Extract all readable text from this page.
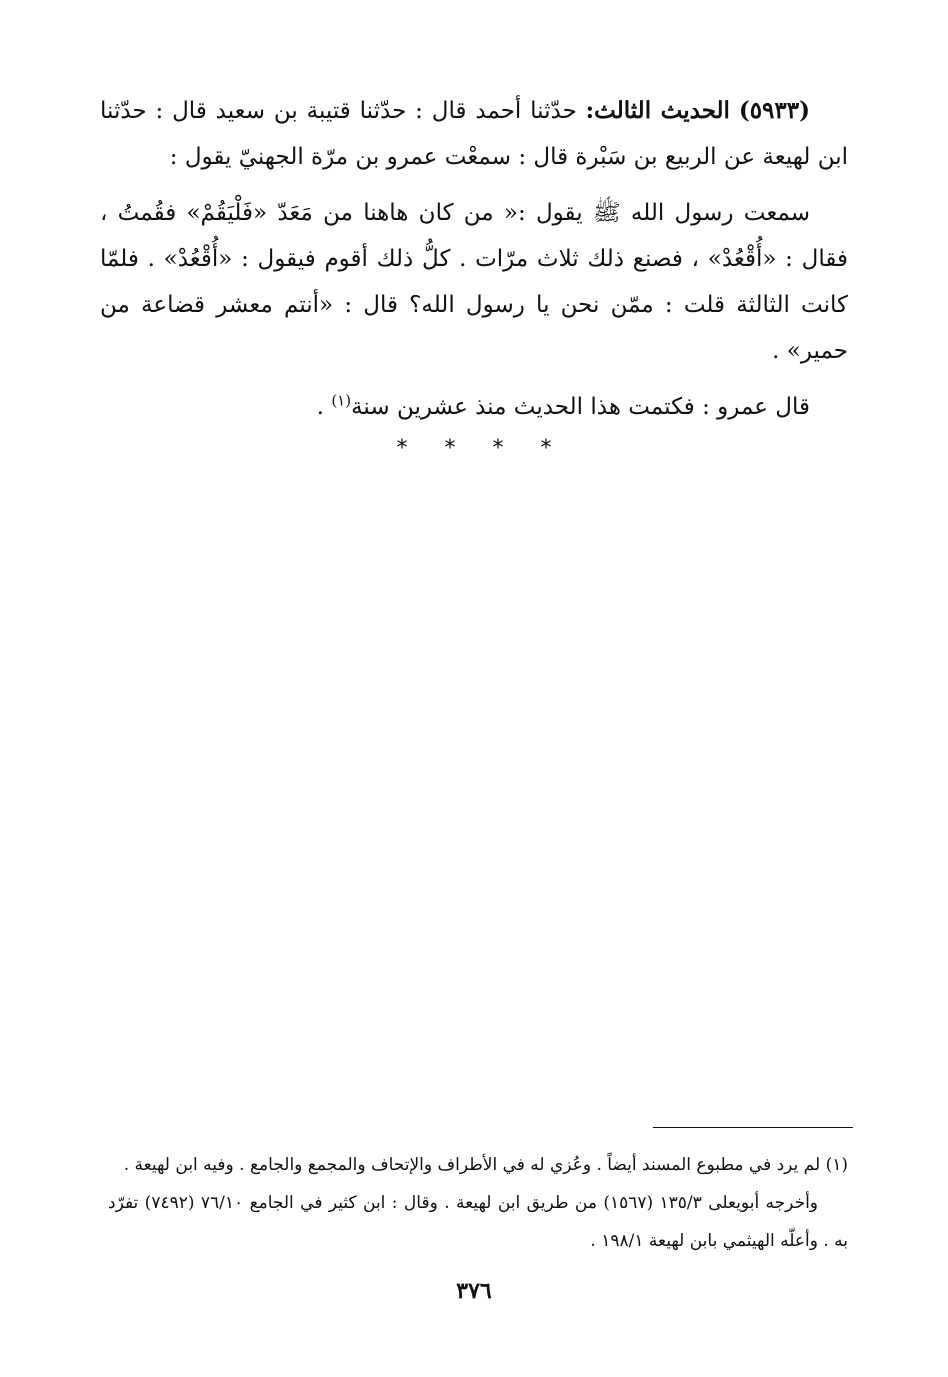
(٥٩٣٣) الحديث الثالث: حدّثنا أحمد قال : حدّثنا قتيبة بن سعيد قال : حدّثنا ابن لهيعة عن الربيع بن سَبْرة قال : سمعْت عمرو بن مرّة الجهنيّ يقول :

سمعت رسول الله ﷺ يقول :« من كان هاهنا من مَعَدّ «فَلْيَقُمْ» فقُمتُ ، فقال : «أُقْعُدْ» ، فصنع ذلك ثلاث مرّات . كلُّ ذلك أقوم فيقول : «أُقْعُدْ» . فلمّا كانت الثالثة قلت : ممّن نحن يا رسول الله؟ قال : «أنتم معشر قضاعة من حمير» .

قال عمرو : فكتمت هذا الحديث منذ عشرين سنة$^{(١)}$ .

* * * *

(١) لم يرد في مطبوع المسند أيضاً . وعُزي له في الأطراف والإتحاف والمجمع والجامع . وفيه ابن لهيعة .

وأخرجه أبويعلى ١٣٥/٣ (١٥٦٧) من طريق ابن لهيعة . وقال : ابن كثير في الجامع ٧٦/١٠ (٧٤٩٢) تفرّد به . وأعلّه الهيثمي بابن لهيعة ١٩٨/١ .

٣٧٦
